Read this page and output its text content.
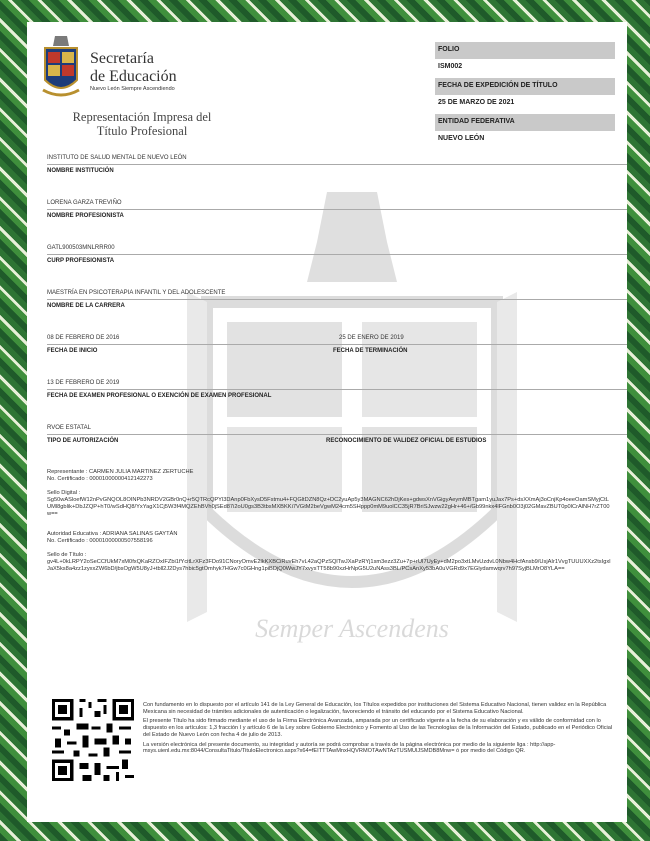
Semper Ascendens
Secretaría
de Educación
Nuevo León Siempre Ascendiendo
Representación Impresa del
Título Profesional
FOLIO
ISM002
FECHA DE EXPEDICIÓN DE TÍTULO
25 DE MARZO DE 2021
ENTIDAD FEDERATIVA
NUEVO LEÓN
INSTITUTO DE SALUD MENTAL DE NUEVO LEÓN
NOMBRE INSTITUCIÓN
LORENA GARZA TREVIÑO
NOMBRE PROFESIONISTA
GATL900503MNLRRR00
CURP PROFESIONISTA
MAESTRÍA EN PSICOTERAPIA INFANTIL Y DEL ADOLESCENTE
NOMBRE DE LA CARRERA
08 DE FEBRERO DE 2016	25 DE ENERO DE 2019
FECHA DE INICIO	FECHA DE TERMINACIÓN
13 DE FEBRERO DE 2019
FECHA DE EXAMEN PROFESIONAL O EXENCIÓN DE EXAMEN PROFESIONAL
RVOE ESTATAL
TIPO DE AUTORIZACIÓN	RECONOCIMIENTO DE VALIDEZ OFICIAL DE ESTUDIOS
Representante : CARMEN JULIA MARTINEZ ZERTUCHE
No. Certificado : 00001000000412142273
Sello Digital :
Sg50wASloefW12nPvGNQOL8OINPb3NRDV2GBr0nQ+r5QTRcQPYl3DAnp0FbXysD5Fstmu4+FQGltDZN8Qz+DC2yuAp5y3MAGNC62hDjKes+gdwsXnVGigyAeymMBTgam1yuJax7Ps+dsXXmAj3oCnjKp4oeeOamSMyjCtLUMl8gblik+DbJZQP+hT0/wSdHQ8/YxYagX1Cj5W3f4MQZEhBVh0jSEd87i2oU0gs3B3tbsMXBKKi7VGtM2beVgwM24cm5SHppp0mM9uolCC35jR7BriSJwzw22gHr+46+/Gb99nkx4lFGnb0O3j02GMavZBUT0p0lCrAlNH7rZT00w==
Autoridad Educativa : ADRIANA SALINAS GAYTÁN
No. Certificado : 00001000000507558196
Sello de Título :
gv4L+0kLRPY2oSeCCfUkM7xM0fxQKaRZOxIFZbi1fYcitLrXFz3FDo91CNoryOmvE2lkKXBCiRuvEh7vL42aQPzSQlTwJXaPzRYj1sm3ezz3Zu+7p+rUI7UyEy+dM2po3xtLMvUzdvL0Nbw4HcfAnsb9/UsjAIr1VvgTUUUXXz2tsIgxlJaX5ks8a4zz1zyxxZW6bD/jbsOgW5U8yJ+tbll2J2Dys7hbic5gtOmhyk7HGw7c0GHng1piBDjQ0WwJY7xvysTT58b90xzHrNpG5U2uNAss3BL/PCsAnXy53bA0uVGRd9x7EGlydamwqrv7h97SyjBLMrO8YLA==

Con fundamento en lo dispuesto por el artículo 141 de la Ley General de Educación, los Títulos expedidos por instituciones del Sistema Educativo Nacional, tienen validez en la República Mexicana sin necesidad de trámites adicionales de autenticación o legalización, favoreciendo el tránsito del educando por el Sistema Educativo Nacional.

El presente Título ha sido firmado mediante el uso de la Firma Electrónica Avanzada, amparada por un certificado vigente a la fecha de su elaboración y es válido de conformidad con lo dispuesto en los artículos: 1,3 fracción I y artículo 6 de la Ley sobre Gobierno Electrónico y Fomento al Uso de las Tecnologías de la Información del Estado, publicado en el Periódico Oficial del Estado de Nuevo León con fecha 4 de julio de 2013.

La versión electrónica del presente documento, su integridad y autoría se podrá comprobar a través de la página electrónica por medio de la siguiente liga : http://app-msys.uienl.edu.mx:8044/ConsultaTitulo/TituloElectronico.aspx?x64=fEITTTAwMnxHQVRMOTAwNTAzTUSMUlJSMDB8Mnw= ó por medio del Código QR.
